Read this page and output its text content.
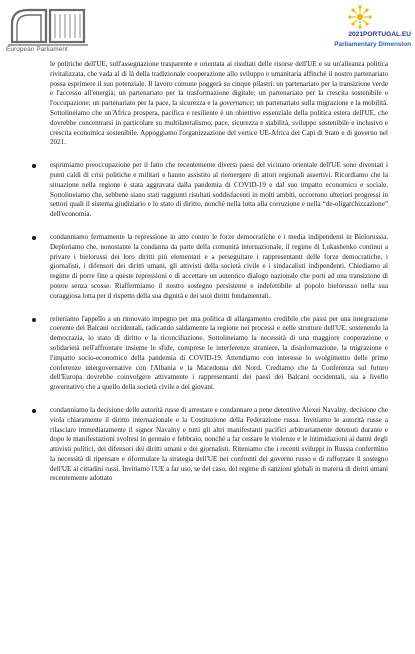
European Parliament
2021PORTUGAL.EU
Parliamentary Dimension

le politiche dell'UE, sull'assegnazione trasparente e orientata ai risultati delle risorse dell'UE e su un'alleanza politica rivitalizzata, che vada al di là della tradizionale cooperazione allo sviluppo e umanitaria affinché il nostro partenariato possa esprimere il suo potenziale. Il lavoro comune poggerà su cinque pilastri: un partenariato per la transizione verde e l'accesso all'energia; un partenariato per la trasformazione digitale; un partenariato per la crescita sostenibile e l'occupazione; un partenariato per la pace, la sicurezza e la governance; un partenariato sulla migrazione e la mobilità. Sottolineiamo che un'Africa prospera, pacifica e resiliente è un obiettivo essenziale della politica estera dell'UE, che dovrebbe concentrarsi in particolare su multilateralismo, pace, sicurezza e stabilità, sviluppo sostenibile e inclusivo e crescita economica sostenibile. Appoggiamo l'organizzazione del vertice UE-Africa dei Capi di Stato e di governo nel 2021.

esprimiamo preoccupazione per il fatto che recentemente diversi paesi del vicinato orientale dell'UE sono diventati i punti caldi di crisi politiche e militari e hanno assistito al riemergere di attori regionali assertivi. Ricordiamo che la situazione nella regione è stata aggravata dalla pandemia di COVID-19 e dal suo impatto economico e sociale. Sottolineiamo che, sebbene siano stati raggiunti risultati soddisfacenti in molti ambiti, occorrono ulteriori progressi in settori quali il sistema giudiziario e lo stato di diritto, nonché nella lotta alla corruzione e nella “de-oligarchizzazione” dell'economia.
condanniamo fermamente la repressione in atto contro le forze democratiche e i media indipendenti in Bielorussia. Deploriamo che, nonostante la condanna da parte della comunità internazionale, il regime di Lukashenko continui a privare i bielorussi dei loro diritti più elementari e a perseguitare i rappresentanti delle forze democratiche, i giornalisti, i difensori dei diritti umani, gli attivisti della società civile e i sindacalisti indipendenti. Chiediamo al regime di porre fine a queste repressioni e di accettare un autentico dialogo nazionale che porti ad una transizione di potere senza scosse. Riaffermiamo il nostro sostegno persistente e indefettibile al popolo bielorusso nella sua coraggiosa lotta per il rispetto della sua dignità e dei suoi diritti fondamentali.
reiteriamo l'appello a un rinnovato impegno per una politica di allargamento credibile che passi per una integrazione coerente dei Balcani occidentali, radicando saldamente la regione nei processi e nelle strutture dell'UE, sostenendo la democrazia, lo stato di diritto e la riconciliazione. Sottolineiamo la necessità di una maggiore cooperazione e solidarietà nell'affrontare insieme le sfide, comprese le interferenze straniere, la disinformazione, la migrazione e l'impatto socio-economico della pandemia di COVID-19. Attendiamo con interesse lo svolgimento delle prime conferenze intergovernative con l'Albania e la Macedonia del Nord. Crediamo che la Conferenza sul futuro dell'Europa dovrebbe coinvolgere attivamente i rappresentanti dei paesi dei Balcani occidentali, sia a livello governativo che a quello della società civile e dei giovani.
condanniamo la decisione delle autorità russe di arrestare e condannare a pene detentive Alexei Navalny, decisione che viola chiaramente il diritto internazionale e la Costituzione della Federazione russa. Invitiamo le autorità russe a rilasciare immediatamente il signor Navalny e tutti gli altri manifestanti pacifici arbitrariamente detenuti durante e dopo le manifestazioni svoltesi in gennaio e febbraio, nonché a far cessare le violenze e le intimidazioni ai danni degli attivisti politici, dei difensori dei diritti umani e dei giornalisti. Riteniamo che i recenti sviluppi in Russia confermino la necessità di ripensare e riformulare la strategia dell'UE nei confronti del governo russo e di rafforzare il sostegno dell'UE ai cittadini russi. Invitiamo l'UE a far uso, se del caso, del regime di sanzioni globali in materia di diritti umani recentemente adottato
